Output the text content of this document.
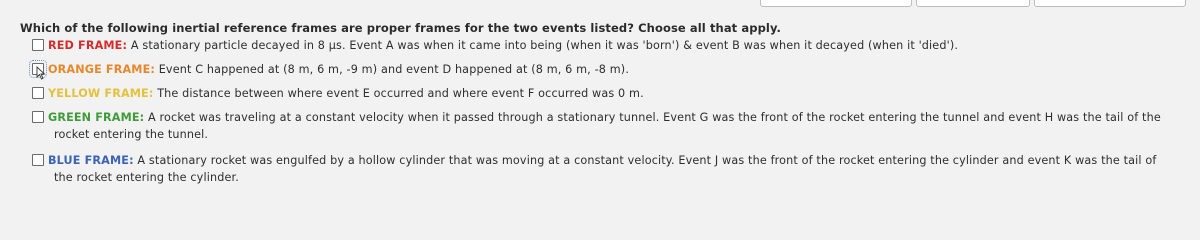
Which of the following inertial reference frames are proper frames for the two events listed? Choose all that apply.
RED FRAME: A stationary particle decayed in 8 µs. Event A was when it came into being (when it was 'born') & event B was when it decayed (when it 'died').
ORANGE FRAME: Event C happened at (8 m, 6 m, -9 m) and event D happened at (8 m, 6 m, -8 m).
YELLOW FRAME: The distance between where event E occurred and where event F occurred was 0 m.
GREEN FRAME: A rocket was traveling at a constant velocity when it passed through a stationary tunnel. Event G was the front of the rocket entering the tunnel and event H was the tail of the
rocket entering the tunnel.
BLUE FRAME: A stationary rocket was engulfed by a hollow cylinder that was moving at a constant velocity. Event J was the front of the rocket entering the cylinder and event K was the tail of
the rocket entering the cylinder.
